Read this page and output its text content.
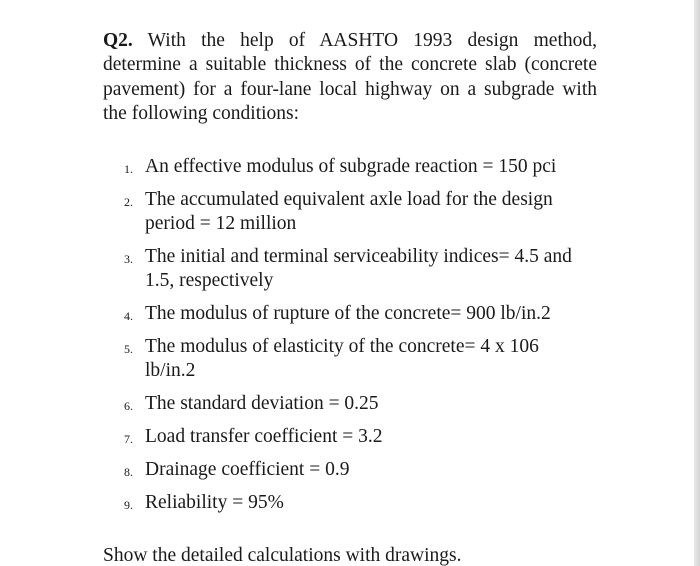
Q2. With the help of AASHTO 1993 design method, determine a suitable thickness of the concrete slab (concrete pavement) for a four-lane local highway on a subgrade with the following conditions:

1. An effective modulus of subgrade reaction = 150 pci
2. The accumulated equivalent axle load for the design period = 12 million
3. The initial and terminal serviceability indices= 4.5 and 1.5, respectively
4. The modulus of rupture of the concrete= 900 lb/in.2
5. The modulus of elasticity of the concrete= 4 x 106 lb/in.2
6. The standard deviation = 0.25
7. Load transfer coefficient = 3.2
8. Drainage coefficient = 0.9
9. Reliability = 95%

Show the detailed calculations with drawings.
